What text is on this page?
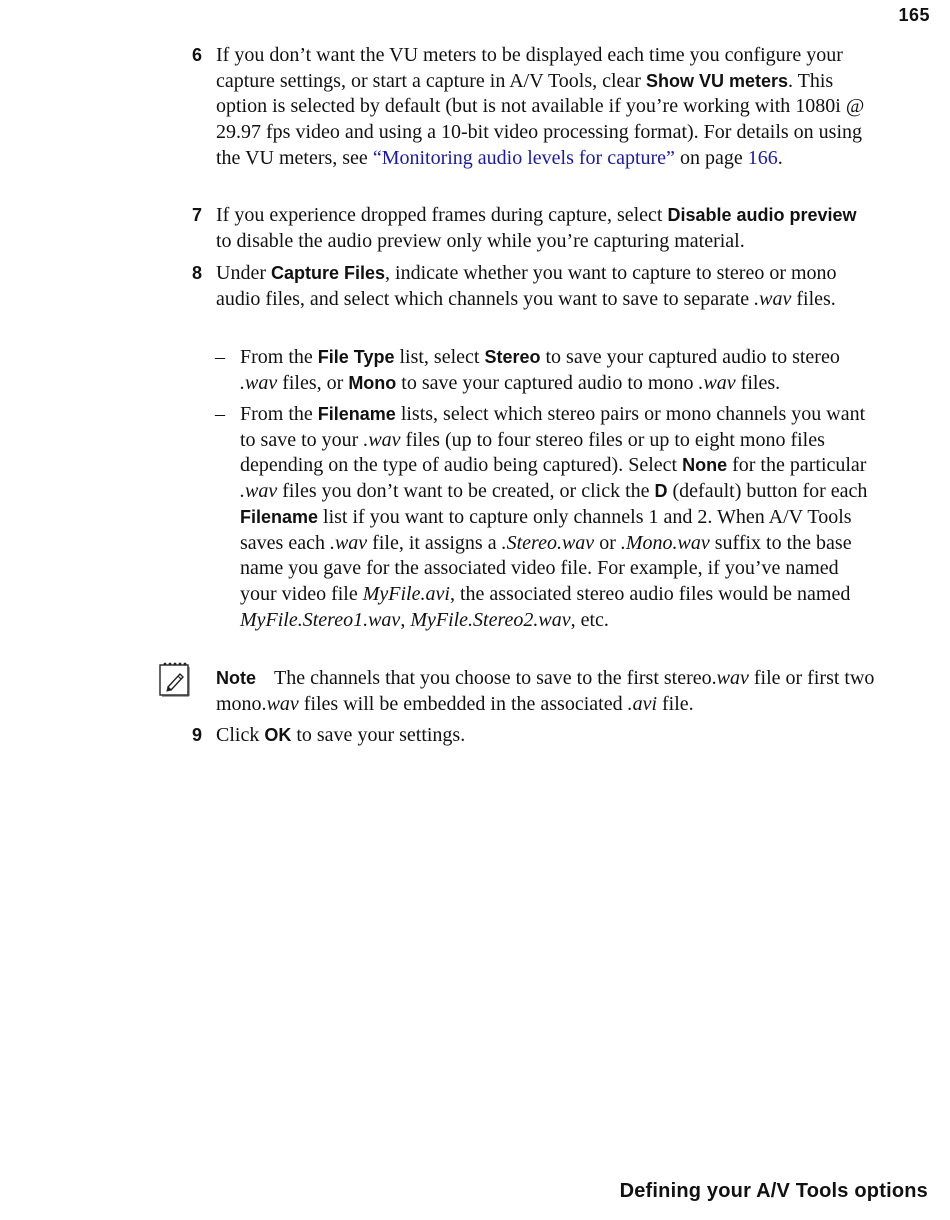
165
6 If you don’t want the VU meters to be displayed each time you configure your capture settings, or start a capture in A/V Tools, clear Show VU meters. This option is selected by default (but is not available if you’re working with 1080i @ 29.97 fps video and using a 10-bit video processing format). For details on using the VU meters, see “Monitoring audio levels for capture” on page 166.
7 If you experience dropped frames during capture, select Disable audio preview to disable the audio preview only while you’re capturing material.
8 Under Capture Files, indicate whether you want to capture to stereo or mono audio files, and select which channels you want to save to separate .wav files.
– From the File Type list, select Stereo to save your captured audio to stereo .wav files, or Mono to save your captured audio to mono .wav files.
– From the Filename lists, select which stereo pairs or mono channels you want to save to your .wav files (up to four stereo files or up to eight mono files depending on the type of audio being captured). Select None for the particular .wav files you don’t want to be created, or click the D (default) button for each Filename list if you want to capture only channels 1 and 2. When A/V Tools saves each .wav file, it assigns a .Stereo.wav or .Mono.wav suffix to the base name you gave for the associated video file. For example, if you’ve named your video file MyFile.avi, the associated stereo audio files would be named MyFile.Stereo1.wav, MyFile.Stereo2.wav, etc.
Note The channels that you choose to save to the first stereo.wav file or first two mono.wav files will be embedded in the associated .avi file.
9 Click OK to save your settings.
Defining your A/V Tools options
